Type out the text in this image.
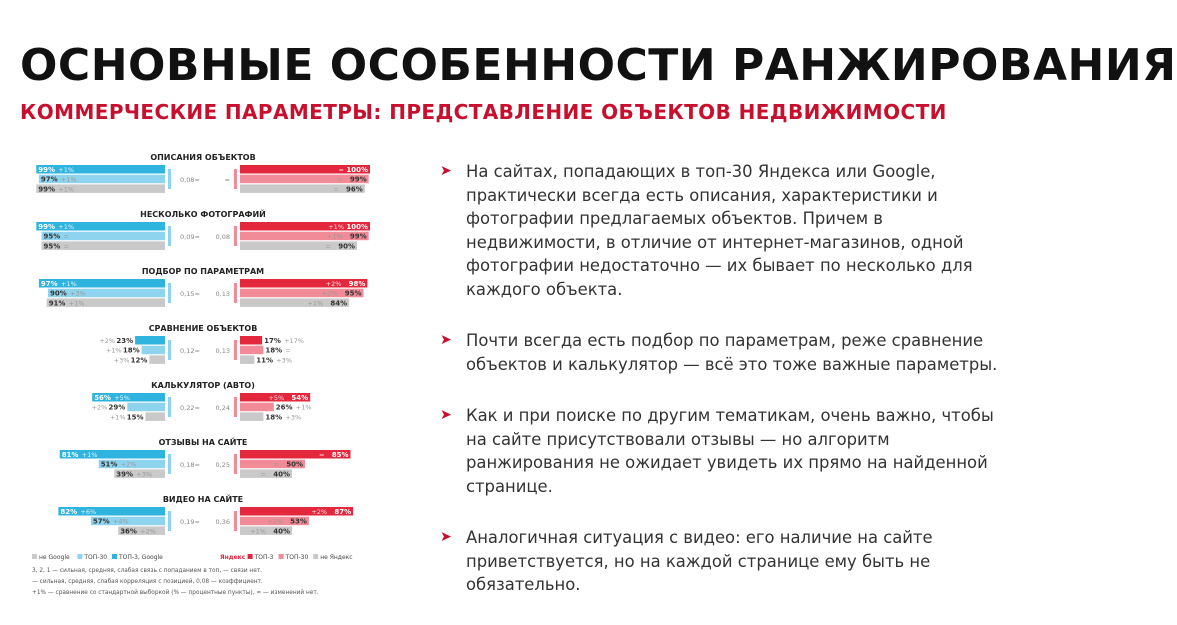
ОСНОВНЫЕ ОСОБЕННОСТИ РАНЖИРОВАНИЯ
КОММЕРЧЕСКИЕ ПАРАМЕТРЫ: ПРЕДСТАВЛЕНИЕ ОБЪЕКТОВ НЕДВИЖИМОСТИ
ОПИСАНИЯ ОБЪЕКТОВ
0,08=	=
99% +1%
97% +1%
99% +1%
100%
=
99%
=
96%
=
НЕСКОЛЬКО ФОТОГРАФИЙ
0,09= 0,08
99% +1%
95% =
95% =
100%
+1%
99%
+1%
90%
=
ПОДБОР ПО ПАРАМЕТРАМ
0,15= 0,13
97% +1%
90% +3%
91% +1%
98%
+2%
95%
+2%
84%
+1%
СРАВНЕНИЕ ОБЪЕКТОВ
0,12= 0,13
23%
+2%
18%
+1%
12%
+3%
17% +17%
18% =
11% +3%
КАЛЬКУЛЯТОР (АВТО)
0,22= 0,24
56% +5%
29%
+2%
15%
+1%
54%
+5%
26% +1%
18% +3%
ОТЗЫВЫ НА САЙТЕ
0,18= 0,25
81% +1%
51% +2%
39% +3%
85%
=
50%
=
40%
=
ВИДЕО НА САЙТЕ
0,19= 0,36
82% +6%
57% +4%
36% +2%
87%
+2%
53%
+2%
40%
+1%
не Google ТОП-30 ТОП-3, Google	Яндекс ТОП-3 ТОП-30 не Яндекс
3, 2, 1 — сильная, средняя, слабая связь с попаданием в топ, — связи нет.
— сильная, средняя, слабая корреляция с позицией, 0,08 — коэффициент.
+1% — сравнение со стандартной выборкой (% — процентные пункты), = — изменений нет.
➤ На сайтах, попадающих в топ-30 Яндекса или Google, практически всегда есть описания, характеристики и фотографии предлагаемых объектов. Причем в недвижимости, в отличие от интернет-магазинов, одной фотографии недостаточно — их бывает по несколько для каждого объекта.
➤ Почти всегда есть подбор по параметрам, реже сравнение объектов и калькулятор — всё это тоже важные параметры.
➤ Как и при поиске по другим тематикам, очень важно, чтобы на сайте присутствовали отзывы — но алгоритм ранжирования не ожидает увидеть их прямо на найденной странице.
➤ Аналогичная ситуация с видео: его наличие на сайте приветствуется, но на каждой странице ему быть не обязательно.
